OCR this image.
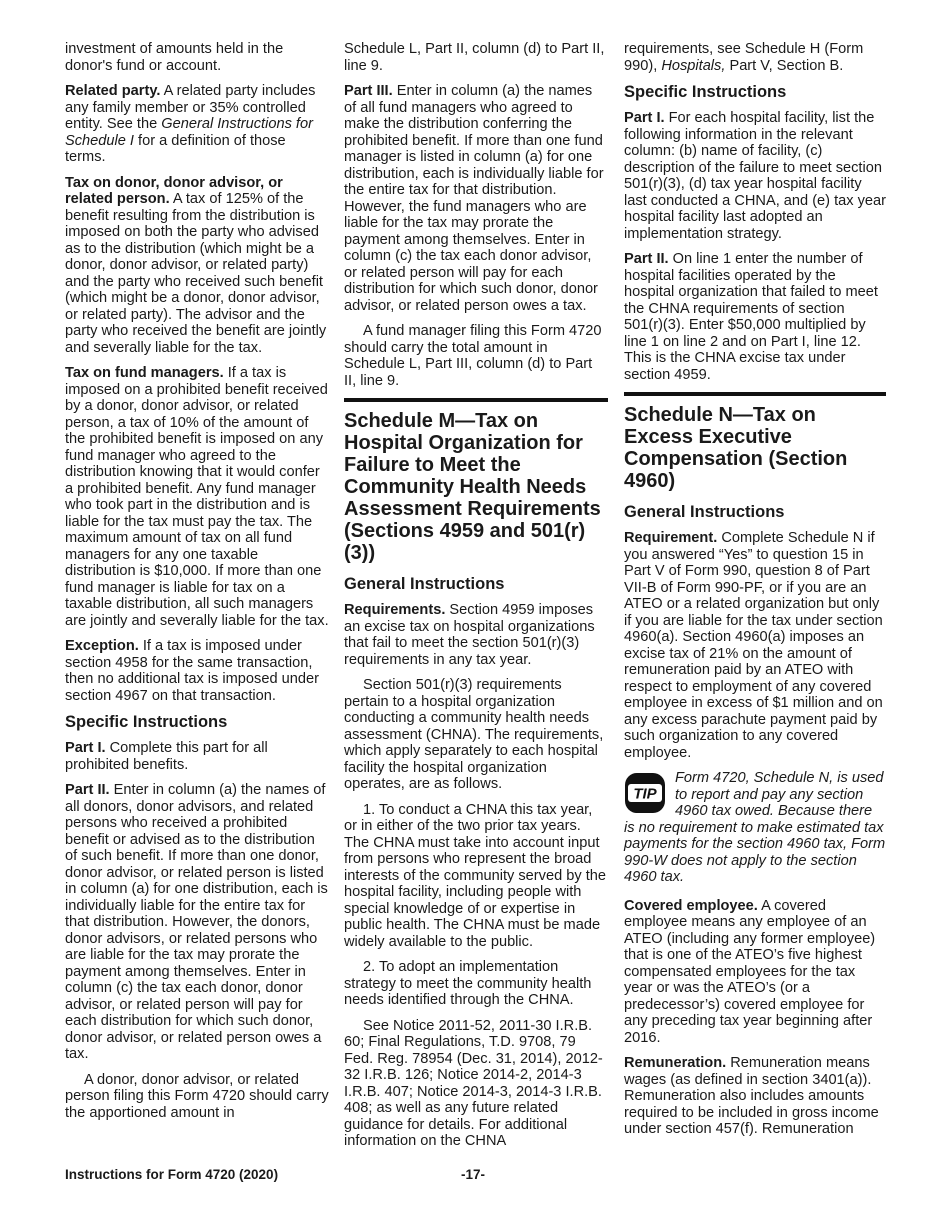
investment of amounts held in the donor's fund or account.

Related party. A related party includes any family member or 35% controlled entity. See the General Instructions for Schedule I for a definition of those terms.

Tax on donor, donor advisor, or related person. A tax of 125% of the benefit resulting from the distribution is imposed on both the party who advised as to the distribution (which might be a donor, donor advisor, or related party) and the party who received such benefit (which might be a donor, donor advisor, or related party). The advisor and the party who received the benefit are jointly and severally liable for the tax.

Tax on fund managers. If a tax is imposed on a prohibited benefit received by a donor, donor advisor, or related person, a tax of 10% of the amount of the prohibited benefit is imposed on any fund manager who agreed to the distribution knowing that it would confer a prohibited benefit. Any fund manager who took part in the distribution and is liable for the tax must pay the tax. The maximum amount of tax on all fund managers for any one taxable distribution is $10,000. If more than one fund manager is liable for tax on a taxable distribution, all such managers are jointly and severally liable for the tax.

Exception. If a tax is imposed under section 4958 for the same transaction, then no additional tax is imposed under section 4967 on that transaction.

Specific Instructions

Part I. Complete this part for all prohibited benefits.

Part II. Enter in column (a) the names of all donors, donor advisors, and related persons who received a prohibited benefit or advised as to the distribution of such benefit. If more than one donor, donor advisor, or related person is listed in column (a) for one distribution, each is individually liable for the entire tax for that distribution. However, the donors, donor advisors, or related persons who are liable for the tax may prorate the payment among themselves. Enter in column (c) the tax each donor, donor advisor, or related person will pay for each distribution for which such donor, donor advisor, or related person owes a tax.

A donor, donor advisor, or related person filing this Form 4720 should carry the apportioned amount in

Schedule L, Part II, column (d) to Part II, line 9.

Part III. Enter in column (a) the names of all fund managers who agreed to make the distribution conferring the prohibited benefit. If more than one fund manager is listed in column (a) for one distribution, each is individually liable for the entire tax for that distribution. However, the fund managers who are liable for the tax may prorate the payment among themselves. Enter in column (c) the tax each donor advisor, or related person will pay for each distribution for which such donor, donor advisor, or related person owes a tax.

A fund manager filing this Form 4720 should carry the total amount in Schedule L, Part III, column (d) to Part II, line 9.

Schedule M—Tax on Hospital Organization for Failure to Meet the Community Health Needs Assessment Requirements (Sections 4959 and 501(r)(3))
General Instructions

Requirements. Section 4959 imposes an excise tax on hospital organizations that fail to meet the section 501(r)(3) requirements in any tax year.

Section 501(r)(3) requirements pertain to a hospital organization conducting a community health needs assessment (CHNA). The requirements, which apply separately to each hospital facility the hospital organization operates, are as follows.

1. To conduct a CHNA this tax year, or in either of the two prior tax years. The CHNA must take into account input from persons who represent the broad interests of the community served by the hospital facility, including people with special knowledge of or expertise in public health. The CHNA must be made widely available to the public.

2. To adopt an implementation strategy to meet the community health needs identified through the CHNA.

See Notice 2011-52, 2011-30 I.R.B. 60; Final Regulations, T.D. 9708, 79 Fed. Reg. 78954 (Dec. 31, 2014), 2012-32 I.R.B. 126; Notice 2014-2, 2014-3 I.R.B. 407; Notice 2014-3, 2014-3 I.R.B. 408; as well as any future related guidance for details. For additional information on the CHNA

requirements, see Schedule H (Form 990), Hospitals, Part V, Section B.

Specific Instructions

Part I. For each hospital facility, list the following information in the relevant column: (b) name of facility, (c) description of the failure to meet section 501(r)(3), (d) tax year hospital facility last conducted a CHNA, and (e) tax year hospital facility last adopted an implementation strategy.

Part II. On line 1 enter the number of hospital facilities operated by the hospital organization that failed to meet the CHNA requirements of section 501(r)(3). Enter $50,000 multiplied by line 1 on line 2 and on Part I, line 12. This is the CHNA excise tax under section 4959.

Schedule N—Tax on Excess Executive Compensation (Section 4960)
General Instructions

Requirement. Complete Schedule N if you answered “Yes” to question 15 in Part V of Form 990, question 8 of Part VII-B of Form 990-PF, or if you are an ATEO or a related organization but only if you are liable for the tax under section 4960(a). Section 4960(a) imposes an excise tax of 21% on the amount of remuneration paid by an ATEO with respect to employment of any covered employee in excess of $1 million and on any excess parachute payment paid by such organization to any covered employee.

TIP
Form 4720, Schedule N, is used to report and pay any section 4960 tax owed. Because there is no requirement to make estimated tax payments for the section 4960 tax, Form 990-W does not apply to the section 4960 tax.

Covered employee. A covered employee means any employee of an ATEO (including any former employee) that is one of the ATEO’s five highest compensated employees for the tax year or was the ATEO’s (or a predecessor’s) covered employee for any preceding tax year beginning after 2016.

Remuneration. Remuneration means wages (as defined in section 3401(a)). Remuneration also includes amounts required to be included in gross income under section 457(f). Remuneration

Instructions for Form 4720 (2020)	-17-
